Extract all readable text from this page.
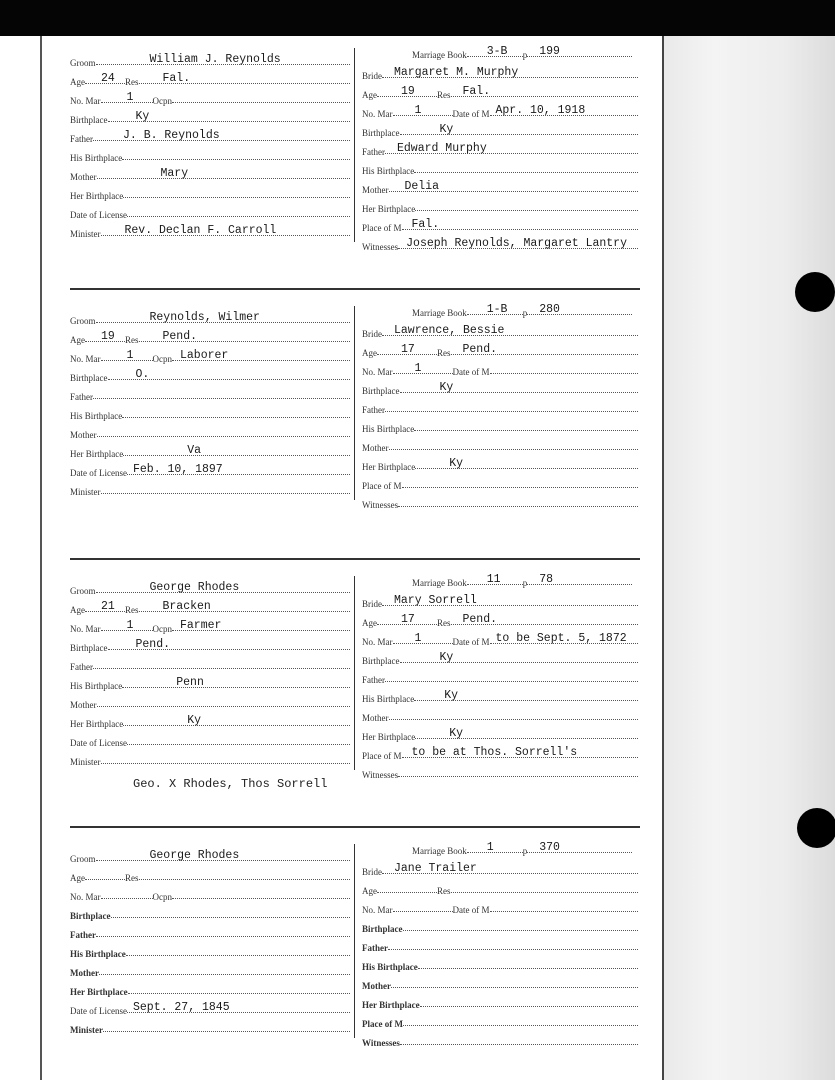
Groom	William J. Reynolds
Age	24	Res	Fal.
No. Mar	1	Ocpn
Birthplace	Ky
Father	J. B. Reynolds
His Birthplace
Mother	Mary
Her Birthplace
Date of License
Minister	Rev. Declan F. Carroll
Marriage Book	3-B	p	199
Bride	Margaret M. Murphy
Age	19	Res	Fal.
No. Mar	1	Date of M Apr. 10, 1918
Birthplace	Ky
Father	Edward Murphy
His Birthplace
Mother	Delia
Her Birthplace
Place of M Fal.
Witnesses Joseph Reynolds, Margaret Lantry
Groom	Reynolds, Wilmer
Age	19	Res	Pend.
No. Mar	1	Ocpn Laborer
Birthplace	O.
Father
His Birthplace
Mother
Her Birthplace	Va
Date of License Feb. 10, 1897
Minister
Marriage Book	1-B	p	280
Bride	Lawrence, Bessie
Age	17	Res	Pend.
No. Mar	1	Date of M
Birthplace	Ky
Father
His Birthplace
Mother
Her Birthplace	Ky
Place of M
Witnesses
Groom	George Rhodes
Age	21	Res	Bracken
No. Mar	1	Ocpn Farmer
Birthplace	Pend.
Father
His Birthplace	Penn
Mother
Her Birthplace	Ky
Date of License
Minister
Marriage Book	11	p	78
Bride	Mary Sorrell
Age	17	Res	Pend.
No. Mar	1	Date of M to be Sept. 5, 1872
Birthplace	Ky
Father
His Birthplace	Ky
Mother
Her Birthplace	Ky
Place of M to be at Thos. Sorrell's
Witnesses
Geo. X Rhodes, Thos Sorrell
Groom	George Rhodes
Age	Res
No. Mar	Ocpn
Birthplace
Father
His Birthplace
Mother
Her Birthplace
Date of License Sept. 27, 1845
Minister
Marriage Book	1	p	370
Bride	Jane Trailer
Age	Res
No. Mar	Date of M
Birthplace
Father
His Birthplace
Mother
Her Birthplace
Place of M
Witnesses
